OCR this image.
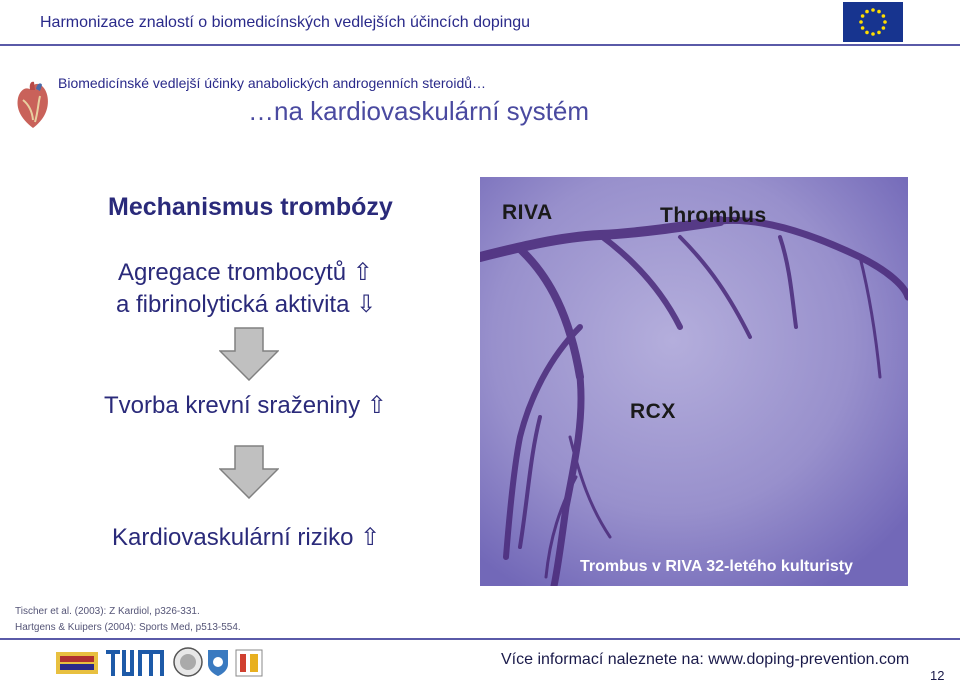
Harmonizace znalostí o biomedicínských vedlejších účincích dopingu
Biomedicínské vedlejší účinky anabolických androgenních steroidů…
…na kardiovaskulární systém
Mechanismus trombózy
Agregace trombocytů ⇧
a fibrinolytická aktivita ⇩
Tvorba krevní sraženiny ⇧
Kardiovaskulární riziko ⇧
RIVA	Thrombus
RCX
Trombus v RIVA 32-letého kulturisty
Tischer et al. (2003): Z Kardiol, p326-331.
Hartgens & Kuipers (2004): Sports Med, p513-554.
Více informací naleznete na: www.doping-prevention.com
12
